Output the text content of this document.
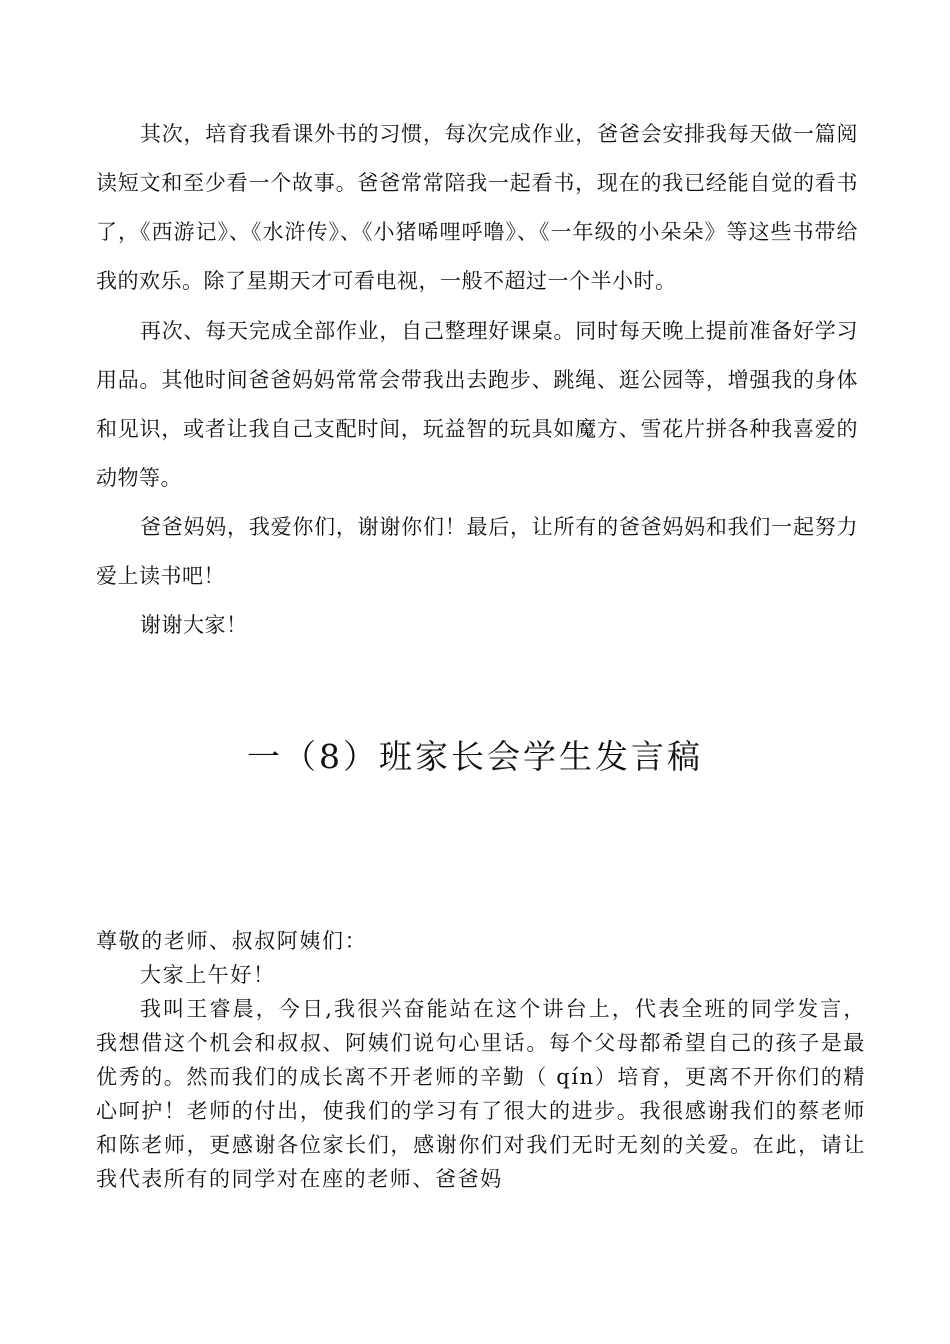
其次，培育我看课外书的习惯，每次完成作业，爸爸会安排我每天做一篇阅读短文和至少看一个故事。爸爸常常陪我一起看书，现在的我已经能自觉的看书了，《西游记》、《水浒传》、《小猪唏哩呼噜》、《一年级的小朵朵》等这些书带给我的欢乐。除了星期天才可看电视，一般不超过一个半小时。

再次、每天完成全部作业，自己整理好课桌。同时每天晚上提前准备好学习用品。其他时间爸爸妈妈常常会带我出去跑步、跳绳、逛公园等，增强我的身体和见识，或者让我自己支配时间，玩益智的玩具如魔方、雪花片拼各种我喜爱的动物等。

爸爸妈妈，我爱你们，谢谢你们！最后，让所有的爸爸妈妈和我们一起努力爱上读书吧！

谢谢大家！

一（8）班家长会学生发言稿

尊敬的老师、叔叔阿姨们：

大家上午好！

我叫王睿晨，今日,我很兴奋能站在这个讲台上，代表全班的同学发言，我想借这个机会和叔叔、阿姨们说句心里话。每个父母都希望自己的孩子是最优秀的。然而我们的成长离不开老师的辛勤（ qín）培育，更离不开你们的精心呵护！老师的付出，使我们的学习有了很大的进步。我很感谢我们的蔡老师和陈老师，更感谢各位家长们，感谢你们对我们无时无刻的关爱。在此，请让我代表所有的同学对在座的老师、爸爸妈
